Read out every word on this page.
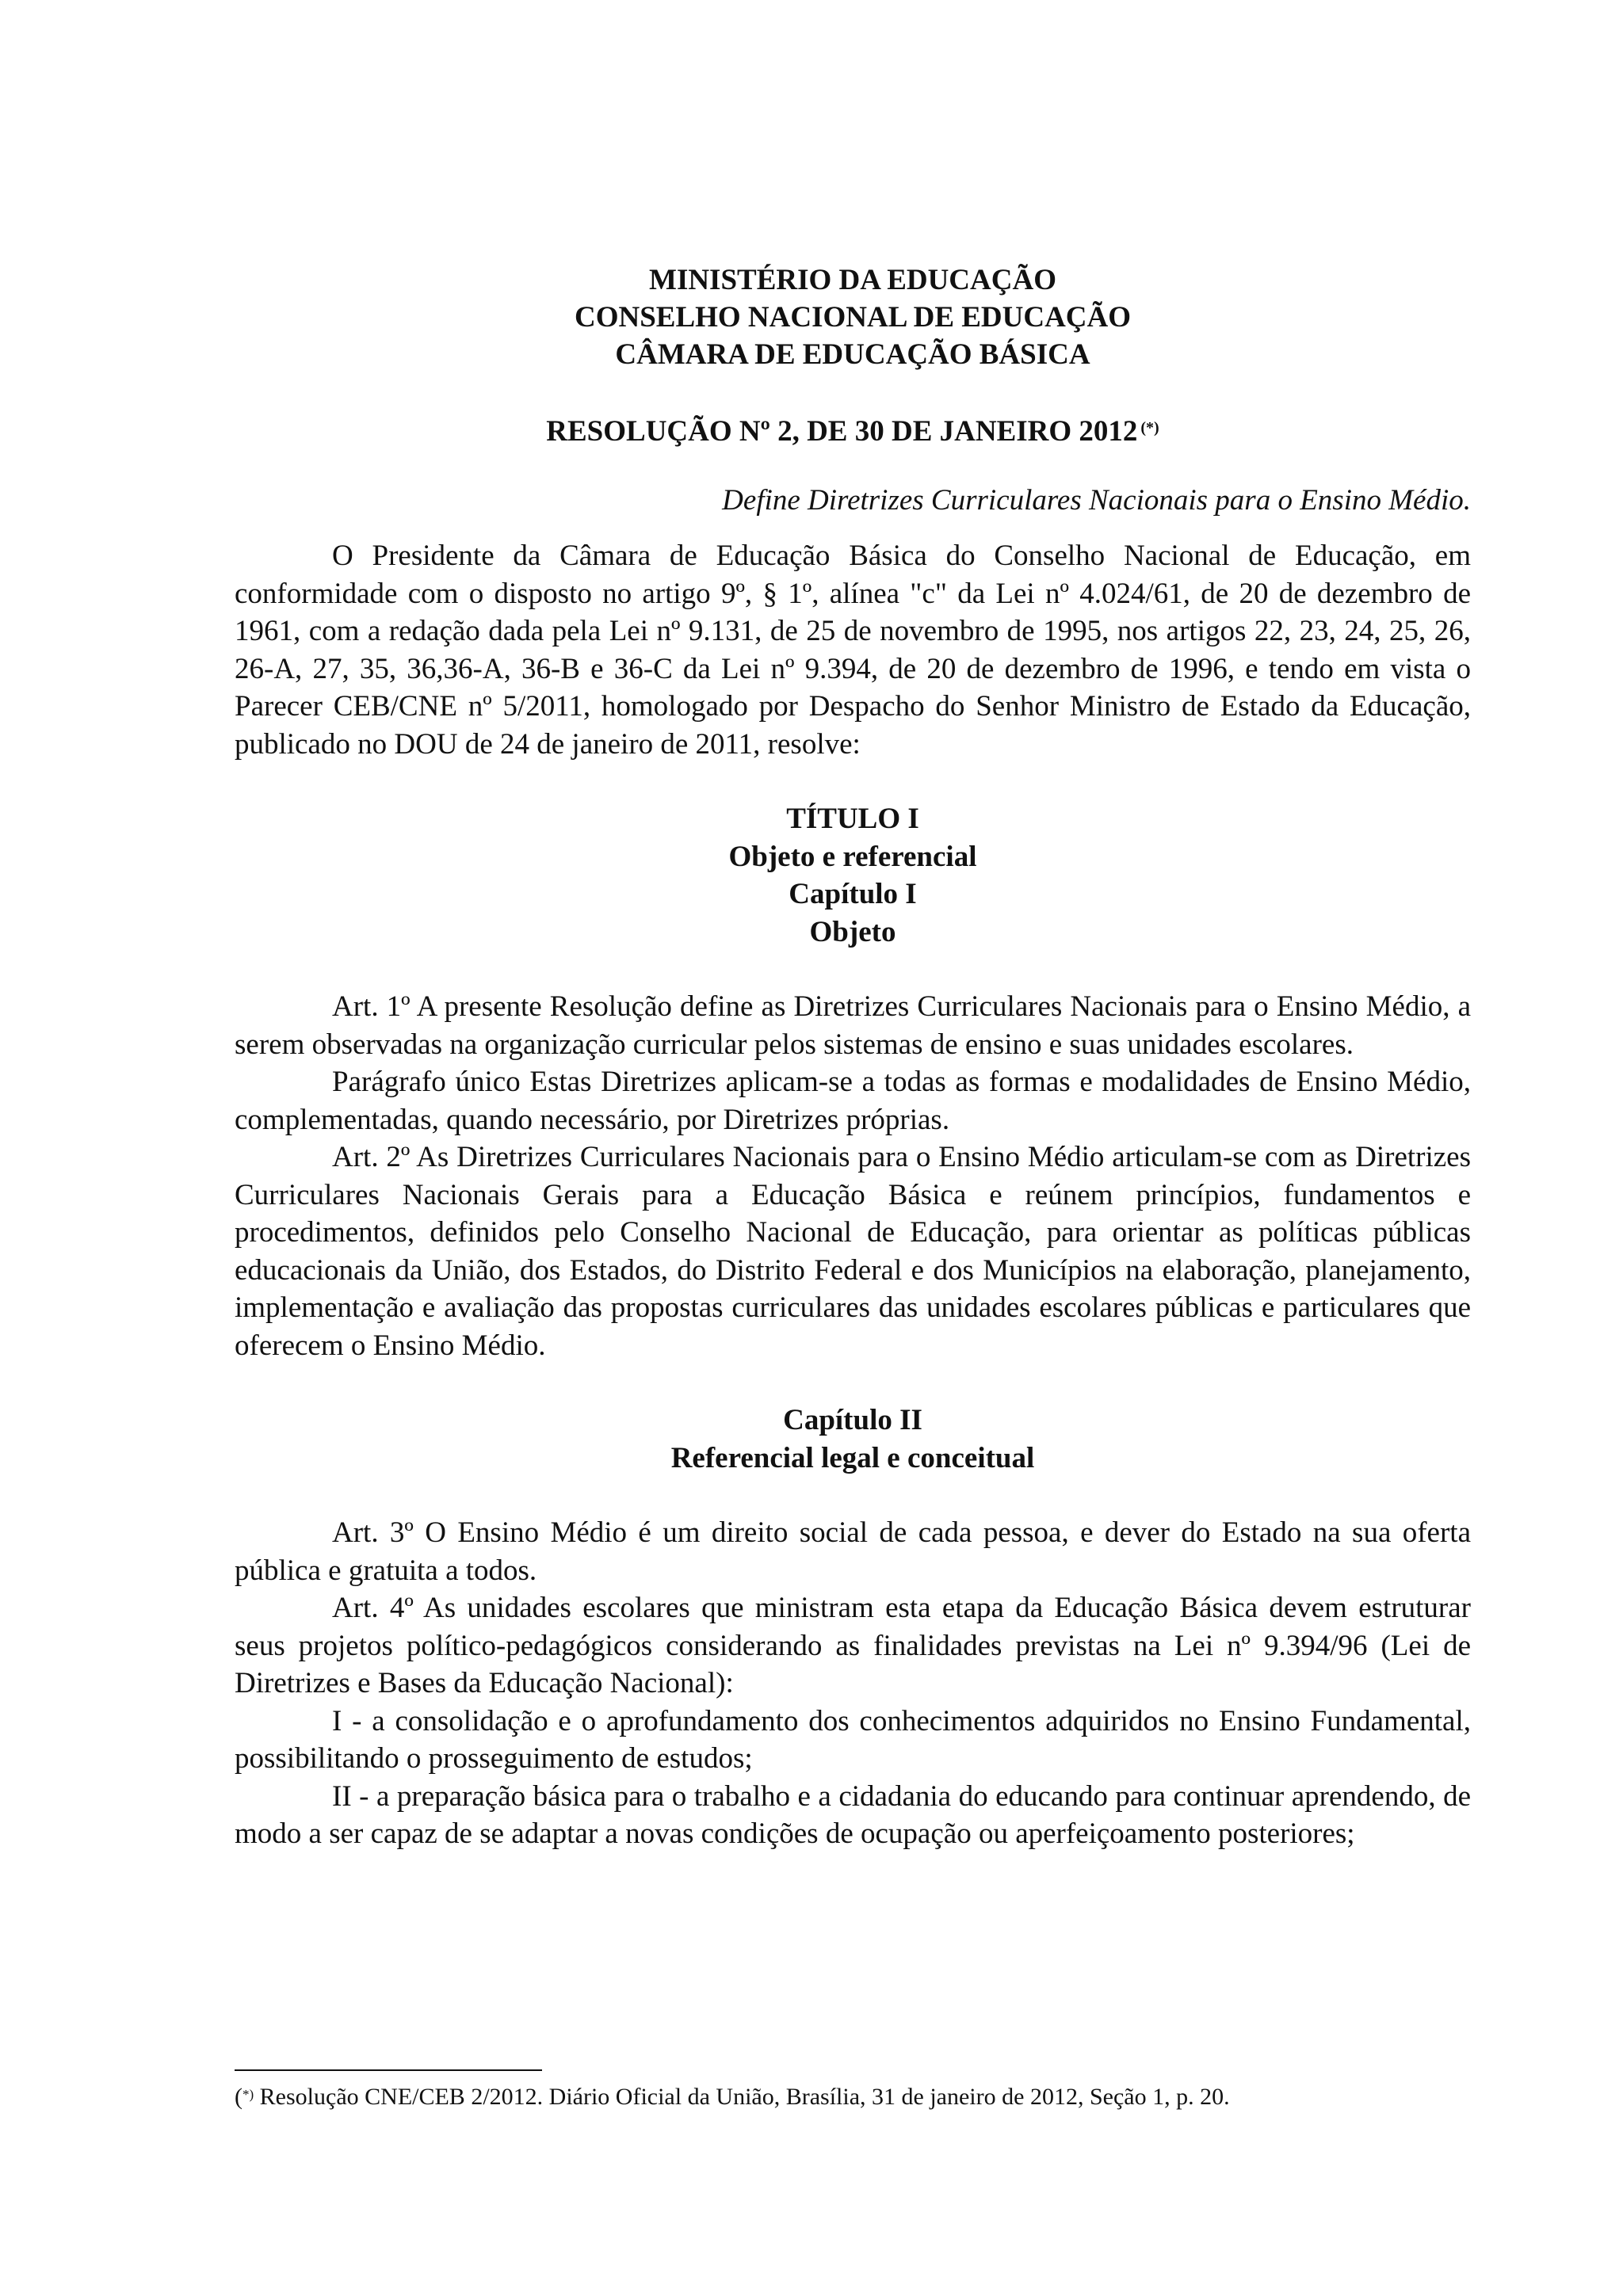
MINISTÉRIO DA EDUCAÇÃO

CONSELHO NACIONAL DE EDUCAÇÃO

CÂMARA DE EDUCAÇÃO BÁSICA

RESOLUÇÃO Nº 2, DE 30 DE JANEIRO 2012 (*)

Define Diretrizes Curriculares Nacionais para o Ensino Médio.

O Presidente da Câmara de Educação Básica do Conselho Nacional de Educação, em conformidade com o disposto no artigo 9º, § 1º, alínea "c" da Lei nº 4.024/61, de 20 de dezembro de 1961, com a redação dada pela Lei nº 9.131, de 25 de novembro de 1995, nos artigos 22, 23, 24, 25, 26, 26-A, 27, 35, 36,36-A, 36-B e 36-C da Lei nº 9.394, de 20 de dezembro de 1996, e tendo em vista o Parecer CEB/CNE nº 5/2011, homologado por Despacho do Senhor Ministro de Estado da Educação, publicado no DOU de 24 de janeiro de 2011, resolve:

TÍTULO I

Objeto e referencial

Capítulo I

Objeto

Art. 1º A presente Resolução define as Diretrizes Curriculares Nacionais para o Ensino Médio, a serem observadas na organização curricular pelos sistemas de ensino e suas unidades escolares.

Parágrafo único Estas Diretrizes aplicam-se a todas as formas e modalidades de Ensino Médio, complementadas, quando necessário, por Diretrizes próprias.

Art. 2º As Diretrizes Curriculares Nacionais para o Ensino Médio articulam-se com as Diretrizes Curriculares Nacionais Gerais para a Educação Básica e reúnem princípios, fundamentos e procedimentos, definidos pelo Conselho Nacional de Educação, para orientar as políticas públicas educacionais da União, dos Estados, do Distrito Federal e dos Municípios na elaboração, planejamento, implementação e avaliação das propostas curriculares das unidades escolares públicas e particulares que oferecem o Ensino Médio.

Capítulo II

Referencial legal e conceitual

Art. 3º O Ensino Médio é um direito social de cada pessoa, e dever do Estado na sua oferta pública e gratuita a todos.

Art. 4º As unidades escolares que ministram esta etapa da Educação Básica devem estruturar seus projetos político-pedagógicos considerando as finalidades previstas na Lei nº 9.394/96 (Lei de Diretrizes e Bases da Educação Nacional):

I - a consolidação e o aprofundamento dos conhecimentos adquiridos no Ensino Fundamental, possibilitando o prosseguimento de estudos;

II - a preparação básica para o trabalho e a cidadania do educando para continuar aprendendo, de modo a ser capaz de se adaptar a novas condições de ocupação ou aperfeiçoamento posteriores;

(*) Resolução CNE/CEB 2/2012. Diário Oficial da União, Brasília, 31 de janeiro de 2012, Seção 1, p. 20.
